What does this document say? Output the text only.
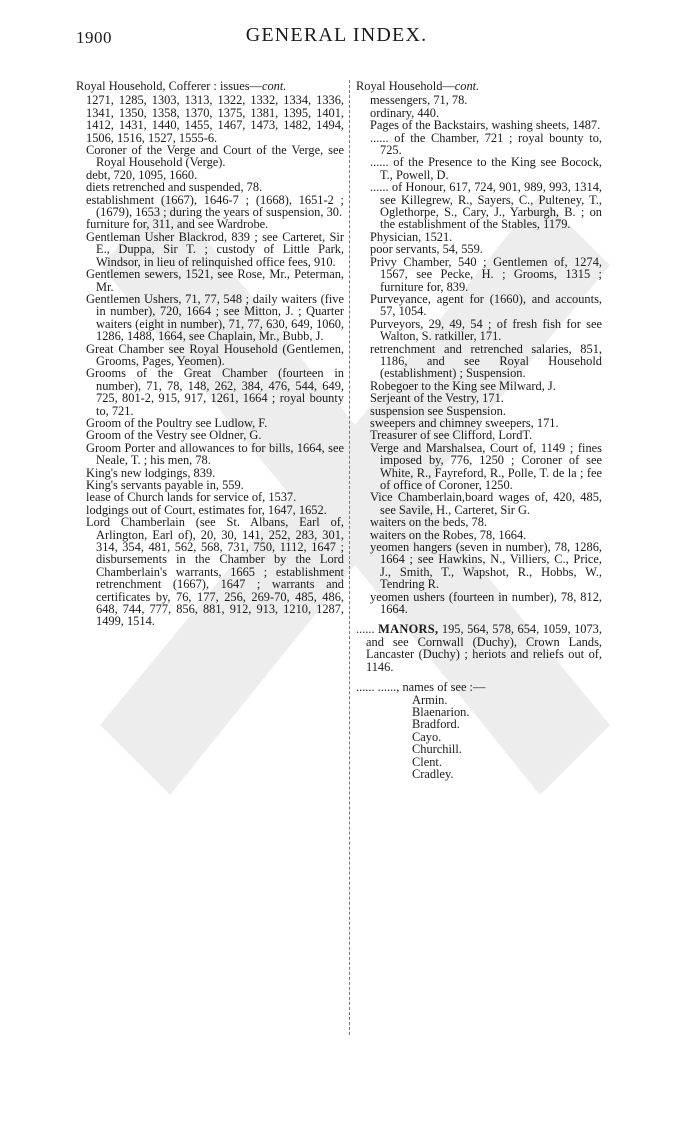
1900	GENERAL INDEX.
Royal Household, Cofferer : issues—cont.
1271, 1285, 1303, 1313, 1322, 1332, 1334, 1336, 1341, 1350, 1358, 1370, 1375, 1381, 1395, 1401, 1412, 1431, 1440, 1455, 1467, 1473, 1482, 1494, 1506, 1516, 1527, 1555-6.
Coroner of the Verge and Court of the Verge, see Royal Household (Verge).
debt, 720, 1095, 1660.
diets retrenched and suspended, 78.
establishment (1667), 1646-7 ; (1668), 1651-2 ; (1679), 1653 ; during the years of suspension, 30.
furniture for, 311, and see Wardrobe.
Gentleman Usher Blackrod, 839 ; see Carteret, Sir E., Duppa, Sir T. ; custody of Little Park, Windsor, in lieu of relinquished office fees, 910.
Gentlemen sewers, 1521, see Rose, Mr., Peterman, Mr.
Gentlemen Ushers, 71, 77, 548 ; daily waiters (five in number), 720, 1664 ; see Mitton, J. ; Quarter waiters (eight in number), 71, 77, 630, 649, 1060, 1286, 1488, 1664, see Chaplain, Mr., Bubb, J.
Great Chamber see Royal Household (Gentlemen, Grooms, Pages, Yeomen).
Grooms of the Great Chamber (fourteen in number), 71, 78, 148, 262, 384, 476, 544, 649, 725, 801-2, 915, 917, 1261, 1664 ; royal bounty to, 721.
Groom of the Poultry see Ludlow, F.
Groom of the Vestry see Oldner, G.
Groom Porter and allowances to for bills, 1664, see Neale, T. ; his men, 78.
King's new lodgings, 839.
King's servants payable in, 559.
lease of Church lands for service of, 1537.
lodgings out of Court, estimates for, 1647, 1652.
Lord Chamberlain (see St. Albans, Earl of, Arlington, Earl of), 20, 30, 141, 252, 283, 301, 314, 354, 481, 562, 568, 731, 750, 1112, 1647 ; disbursements in the Chamber by the Lord Chamberlain's warrants, 1665 ; establishment retrenchment (1667), 1647 ; warrants and certificates by, 76, 177, 256, 269-70, 485, 486, 648, 744, 777, 856, 881, 912, 913, 1210, 1287, 1499, 1514.
Royal Household—cont.
messengers, 71, 78.
ordinary, 440.
Pages of the Backstairs, washing sheets, 1487.
...... of the Chamber, 721 ; royal bounty to, 725.
...... of the Presence to the King see Bocock, T., Powell, D.
...... of Honour, 617, 724, 901, 989, 993, 1314, see Killegrew, R., Sayers, C., Pulteney, T., Oglethorpe, S., Cary, J., Yarburgh, B. ; on the establishment of the Stables, 1179.
Physician, 1521.
poor servants, 54, 559.
Privy Chamber, 540 ; Gentlemen of, 1274, 1567, see Pecke, H. ; Grooms, 1315 ; furniture for, 839.
Purveyance, agent for (1660), and accounts, 57, 1054.
Purveyors, 29, 49, 54 ; of fresh fish for see Walton, S. ratkiller, 171.
retrenchment and retrenched salaries, 851, 1186, and see Royal Household (establishment) ; Suspension.
Robegoer to the King see Milward, J.
Serjeant of the Vestry, 171.
suspension see Suspension.
sweepers and chimney sweepers, 171.
Treasurer of see Clifford, LordT.
Verge and Marshalsea, Court of, 1149 ; fines imposed by, 776, 1250 ; Coroner of see White, R., Fayreford, R., Polle, T. de la ; fee of office of Coroner, 1250.
Vice Chamberlain,board wages of, 420, 485, see Savile, H., Carteret, Sir G.
waiters on the beds, 78.
waiters on the Robes, 78, 1664.
yeomen hangers (seven in number), 78, 1286, 1664 ; see Hawkins, N., Villiers, C., Price, J., Smith, T., Wapshot, R., Hobbs, W., Tendring R.
yeomen ushers (fourteen in number), 78, 812, 1664.
...... MANORS, 195, 564, 578, 654, 1059, 1073, and see Cornwall (Duchy), Crown Lands, Lancaster (Duchy) ; heriots and reliefs out of, 1146.
...... ......, names of see :—
Armin.
Blaenarion.
Bradford.
Cayo.
Churchill.
Clent.
Cradley.
